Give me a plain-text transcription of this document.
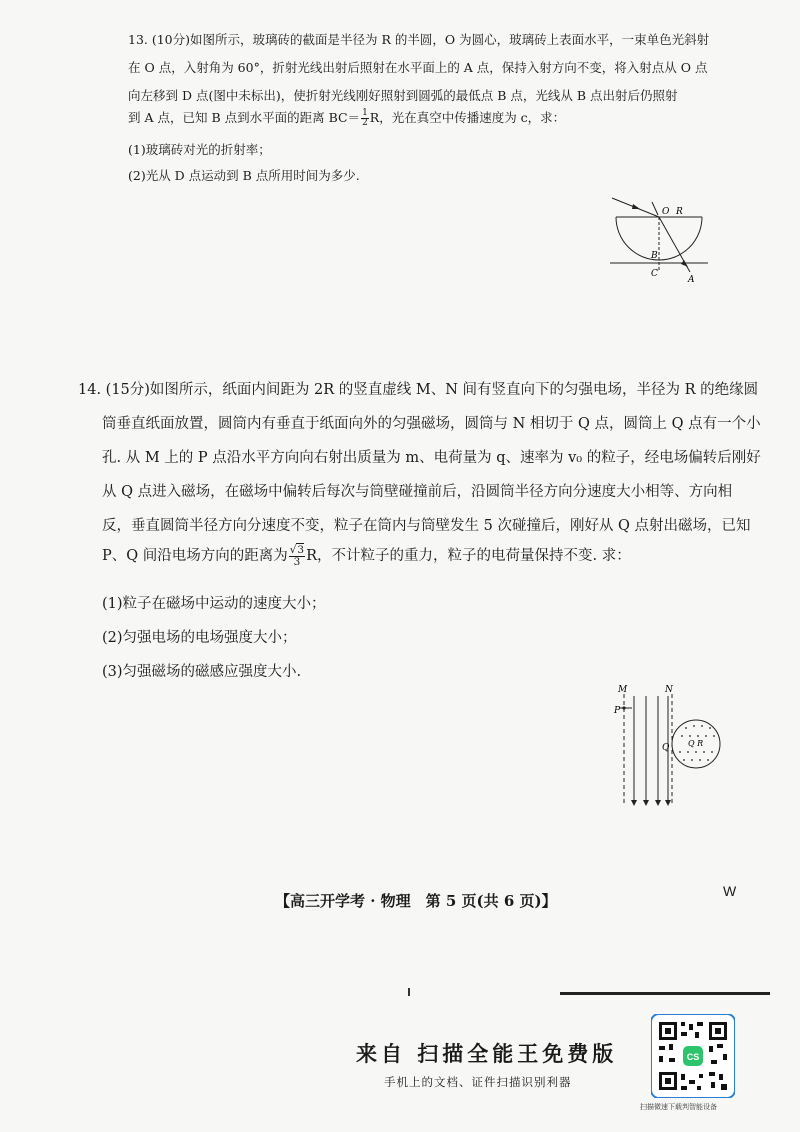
13. (10分)如图所示，玻璃砖的截面是半径为 R 的半圆，O 为圆心，玻璃砖上表面水平，一束单色光斜射
在 O 点，入射角为 60°，折射光线出射后照射在水平面上的 A 点，保持入射方向不变，将入射点从 O 点
向左移到 D 点(图中未标出)，使折射光线刚好照射到圆弧的最低点 B 点，光线从 B 点出射后仍照射
到 A 点，已知 B 点到水平面的距离 $BC= \frac{1}{2}$ R，光在真空中传播速度为 c，求：
(1)玻璃砖对光的折射率；
(2)光从 D 点运动到 B 点所用时间为多少.
O R
B
C
A
14. (15分)如图所示，纸面内间距为 2R 的竖直虚线 M、N 间有竖直向下的匀强电场，半径为 R 的绝缘圆
筒垂直纸面放置，圆筒内有垂直于纸面向外的匀强磁场，圆筒与 N 相切于 Q 点，圆筒上 Q 点有一个小
孔. 从 M 上的 P 点沿水平方向向右射出质量为 m、电荷量为 q、速率为 v₀ 的粒子，经电场偏转后刚好
从 Q 点进入磁场，在磁场中偏转后每次与筒壁碰撞前后，沿圆筒半径方向分速度大小相等、方向相
反，垂直圆筒半径方向分速度不变，粒子在筒内与筒壁发生 5 次碰撞后，刚好从 Q 点射出磁场，已知
P、Q 间沿电场方向的距离为 $\frac{√3}{3}$ R，不计粒子的重力，粒子的电荷量保持不变. 求：
(1)粒子在磁场中运动的速度大小；
(2)匀强电场的电场强度大小；
(3)匀强磁场的磁感应强度大小.
M	N
P
Q Q R
【高三开学考 · 物理　第 5 页(共 6 页)】
W
来自 扫描全能王免费版
手机上的文档、证件扫描识别利器
CS
扫描微速下载判智能设备
